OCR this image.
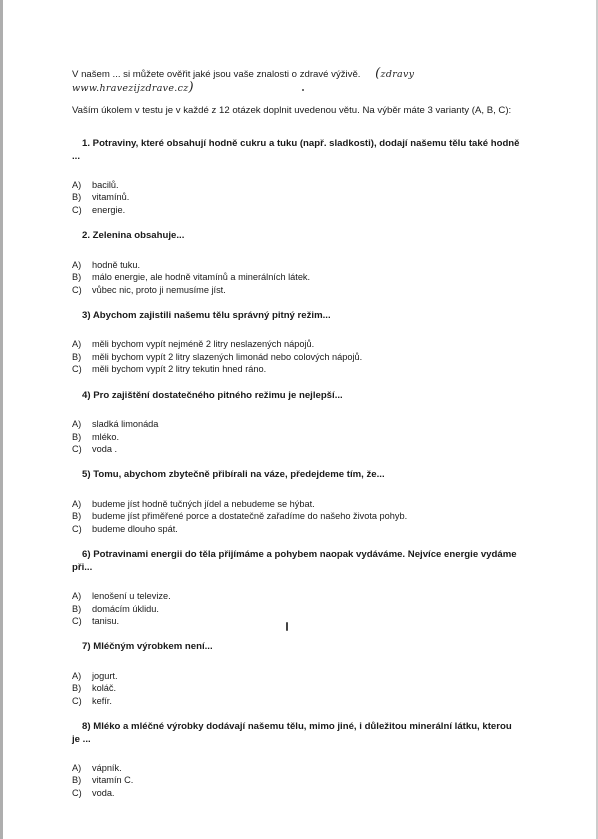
V našem ... si můžete ověřit jaké jsou vaše znalosti o zdravé výživě. (zdravy www.hravezijzdrave.cz)

Vaším úkolem v testu je v každé z 12 otázek doplnit uvedenou větu. Na výběr máte 3 varianty (A, B, C):

1. Potraviny, které obsahují hodně cukru a tuku (např. sladkosti), dodají našemu tělu také hodně ...

A)	bacilů.
B)	vitamínů.
C)	energie.

2. Zelenina obsahuje...

A)	hodně tuku.
B)	málo energie, ale hodně vitamínů a minerálních látek.
C)	vůbec nic, proto ji nemusíme jíst.

3) Abychom zajistili našemu tělu správný pitný režim...

A)	měli bychom vypít nejméně 2 litry neslazených nápojů.
B)	měli bychom vypít 2 litry slazených limonád nebo colových nápojů.
C)	měli bychom vypít 2 litry tekutin hned ráno.

4) Pro zajištění dostatečného pitného režimu je nejlepší...

A)	sladká limonáda
B)	mléko.
C)	voda .

5) Tomu, abychom zbytečně přibírali na váze, předejdeme tím, že...

A)	budeme jíst hodně tučných jídel a nebudeme se hýbat.
B)	budeme jíst přiměřené porce a dostatečně zařadíme do našeho života pohyb.
C)	budeme dlouho spát.

6) Potravinami energii do těla přijímáme a pohybem naopak vydáváme. Nejvíce energie vydáme při...

A)	lenošení u televize.
B)	domácím úklidu.
C)	tanisu.

7) Mléčným výrobkem není...

A)	jogurt.
B)	koláč.
C)	kefír.

8) Mléko a mléčné výrobky dodávají našemu tělu, mimo jiné, i důležitou minerální látku, kterou je ...

A)	vápník.
B)	vitamín C.
C)	voda.
